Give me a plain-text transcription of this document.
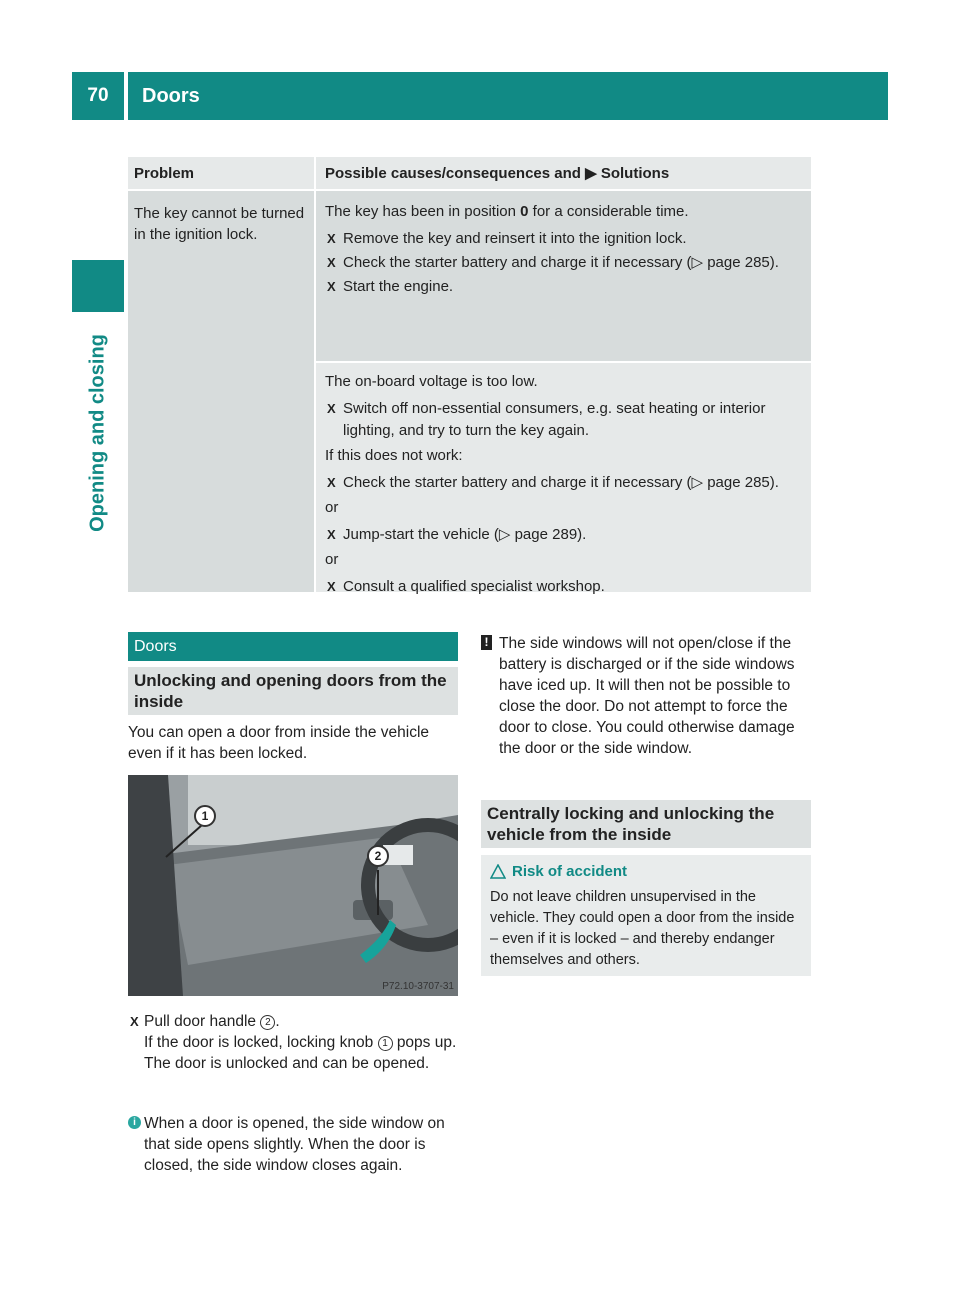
70	Doors
Opening and closing
Problem	Possible causes/consequences and ▶ Solutions
The key cannot be turned in the ignition lock.
The key has been in position 0 for a considerable time.
X Remove the key and reinsert it into the ignition lock.
X Check the starter battery and charge it if necessary (▷ page 285).
X Start the engine.
The on-board voltage is too low.
X Switch off non-essential consumers, e.g. seat heating or interior lighting, and try to turn the key again.
If this does not work:
X Check the starter battery and charge it if necessary (▷ page 285).
or
X Jump-start the vehicle (▷ page 289).
or
X Consult a qualified specialist workshop.
Doors
Unlocking and opening doors from the inside
You can open a door from inside the vehicle even if it has been locked.
1
2
P72.10-3707-31
X Pull door handle 2 .
If the door is locked, locking knob 1 pops up. The door is unlocked and can be opened.
i When a door is opened, the side window on that side opens slightly. When the door is closed, the side window closes again.
! The side windows will not open/close if the battery is discharged or if the side windows have iced up. It will then not be possible to close the door. Do not attempt to force the door to close. You could otherwise damage the door or the side window.
Centrally locking and unlocking the vehicle from the inside
Risk of accident
Do not leave children unsupervised in the vehicle. They could open a door from the inside – even if it is locked – and thereby endanger themselves and others.
